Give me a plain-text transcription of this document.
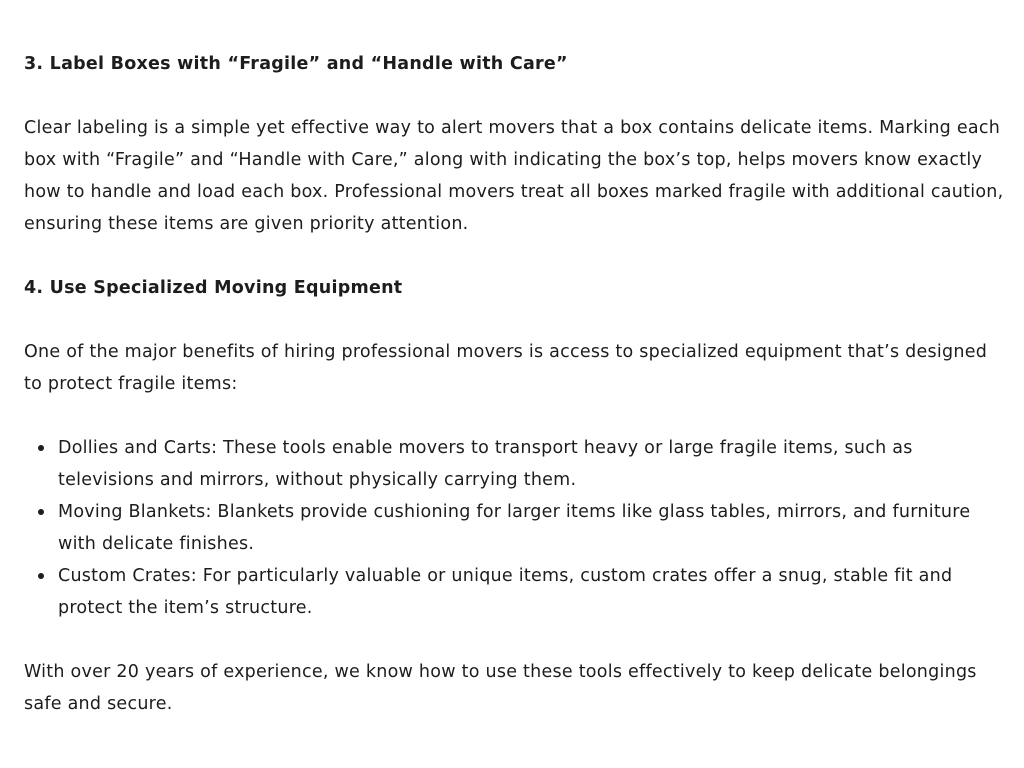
3. Label Boxes with “Fragile” and “Handle with Care”

Clear labeling is a simple yet effective way to alert movers that a box contains delicate items. Marking each box with “Fragile” and “Handle with Care,” along with indicating the box’s top, helps movers know exactly how to handle and load each box. Professional movers treat all boxes marked fragile with additional caution, ensuring these items are given priority attention.

4. Use Specialized Moving Equipment

One of the major benefits of hiring professional movers is access to specialized equipment that’s designed to protect fragile items:

Dollies and Carts: These tools enable movers to transport heavy or large fragile items, such as televisions and mirrors, without physically carrying them.
Moving Blankets: Blankets provide cushioning for larger items like glass tables, mirrors, and furniture with delicate finishes.
Custom Crates: For particularly valuable or unique items, custom crates offer a snug, stable fit and protect the item’s structure.

With over 20 years of experience, we know how to use these tools effectively to keep delicate belongings safe and secure.
